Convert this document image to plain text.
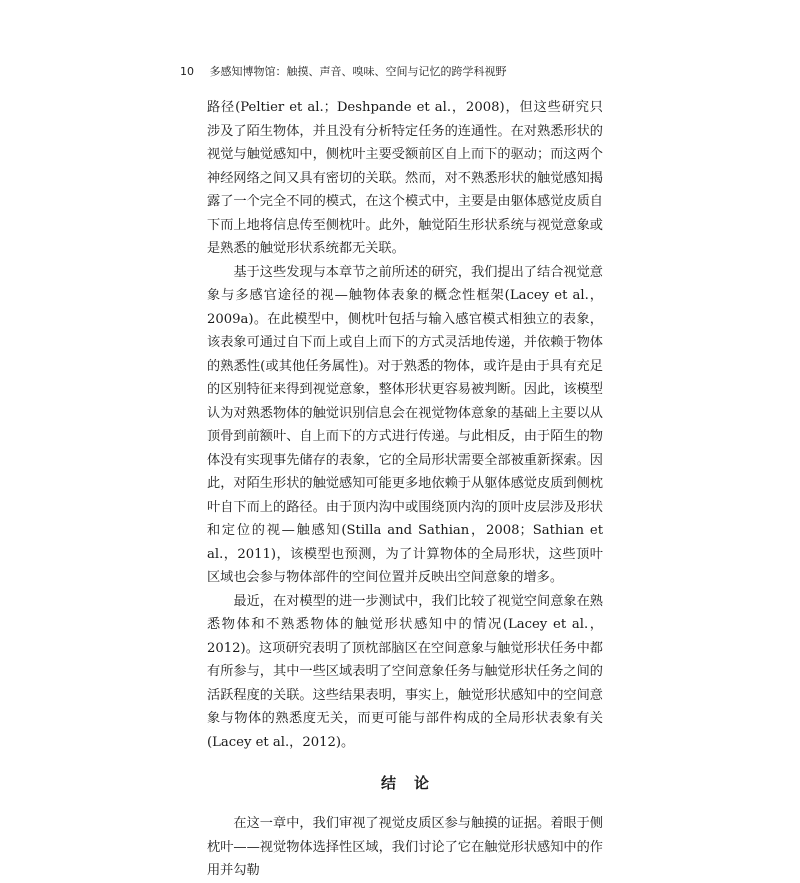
10 多感知博物馆：触摸、声音、嗅味、空间与记忆的跨学科视野

路径(Peltier et al.；Deshpande et al.，2008)，但这些研究只涉及了陌生物体，并且没有分析特定任务的连通性。在对熟悉形状的视觉与触觉感知中，侧枕叶主要受额前区自上而下的驱动；而这两个神经网络之间又具有密切的关联。然而，对不熟悉形状的触觉感知揭露了一个完全不同的模式，在这个模式中，主要是由躯体感觉皮质自下而上地将信息传至侧枕叶。此外，触觉陌生形状系统与视觉意象或是熟悉的触觉形状系统都无关联。

基于这些发现与本章节之前所述的研究，我们提出了结合视觉意象与多感官途径的视—触物体表象的概念性框架(Lacey et al.，2009a)。在此模型中，侧枕叶包括与输入感官模式相独立的表象，该表象可通过自下而上或自上而下的方式灵活地传递，并依赖于物体的熟悉性(或其他任务属性)。对于熟悉的物体，或许是由于具有充足的区别特征来得到视觉意象，整体形状更容易被判断。因此，该模型认为对熟悉物体的触觉识别信息会在视觉物体意象的基础上主要以从顶骨到前额叶、自上而下的方式进行传递。与此相反，由于陌生的物体没有实现事先储存的表象，它的全局形状需要全部被重新探索。因此，对陌生形状的触觉感知可能更多地依赖于从躯体感觉皮质到侧枕叶自下而上的路径。由于顶内沟中或围绕顶内沟的顶叶皮层涉及形状和定位的视—触感知(Stilla and Sathian，2008；Sathian et al.，2011)，该模型也预测，为了计算物体的全局形状，这些顶叶区域也会参与物体部件的空间位置并反映出空间意象的增多。

最近，在对模型的进一步测试中，我们比较了视觉空间意象在熟悉物体和不熟悉物体的触觉形状感知中的情况(Lacey et al.，2012)。这项研究表明了顶枕部脑区在空间意象与触觉形状任务中都有所参与，其中一些区域表明了空间意象任务与触觉形状任务之间的活跃程度的关联。这些结果表明，事实上，触觉形状感知中的空间意象与物体的熟悉度无关，而更可能与部件构成的全局形状表象有关(Lacey et al.，2012)。

结论

在这一章中，我们审视了视觉皮质区参与触摸的证据。着眼于侧枕叶——视觉物体选择性区域，我们讨论了它在触觉形状感知中的作用并勾勒
